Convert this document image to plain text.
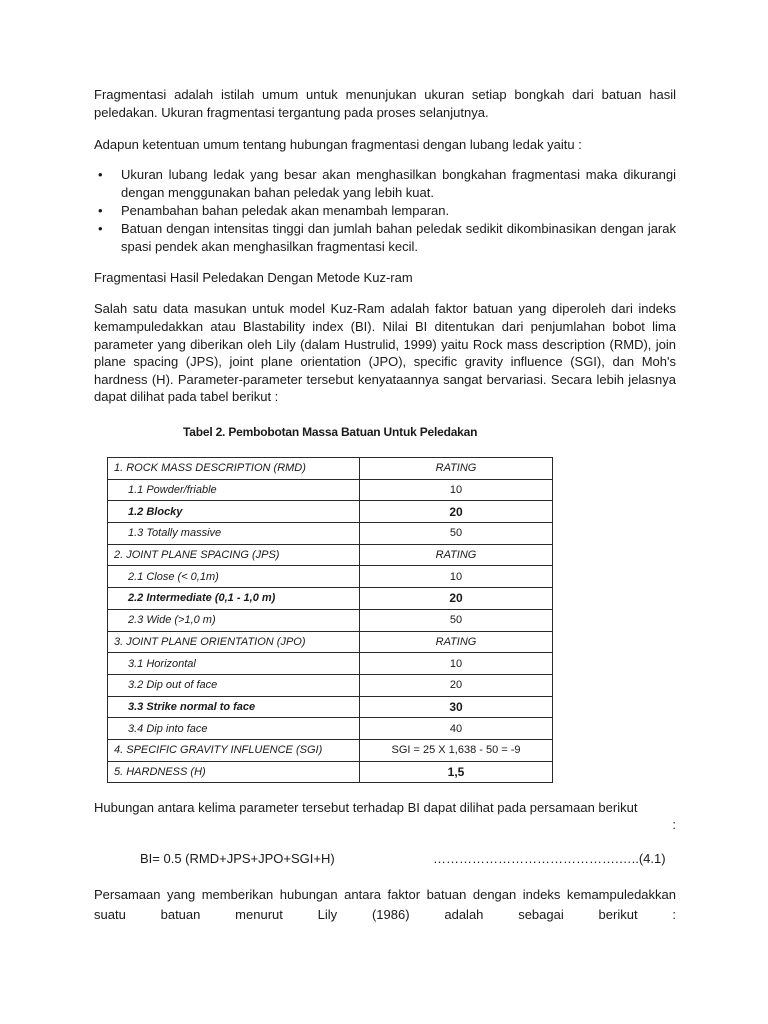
Fragmentasi adalah istilah umum untuk menunjukan ukuran setiap bongkah dari batuan hasil peledakan. Ukuran fragmentasi tergantung pada proses selanjutnya.

Adapun ketentuan umum tentang hubungan fragmentasi dengan lubang ledak yaitu :

• Ukuran lubang ledak yang besar akan menghasilkan bongkahan fragmentasi maka dikurangi dengan menggunakan bahan peledak yang lebih kuat.
• Penambahan bahan peledak akan menambah lemparan.
• Batuan dengan intensitas tinggi dan jumlah bahan peledak sedikit dikombinasikan dengan jarak spasi pendek akan menghasilkan fragmentasi kecil.

Fragmentasi Hasil Peledakan Dengan Metode Kuz-ram

Salah satu data masukan untuk model Kuz-Ram adalah faktor batuan yang diperoleh dari indeks kemampuledakkan atau Blastability index (BI). Nilai BI ditentukan dari penjumlahan bobot lima parameter yang diberikan oleh Lily (dalam Hustrulid, 1999) yaitu Rock mass description (RMD), join plane spacing (JPS), joint plane orientation (JPO), specific gravity influence (SGI), dan Moh's hardness (H). Parameter-parameter tersebut kenyataannya sangat bervariasi. Secara lebih jelasnya dapat dilihat pada tabel berikut :

Tabel 2. Pembobotan Massa Batuan Untuk Peledakan
1. ROCK MASS DESCRIPTION (RMD)	RATING
1.1 Powder/friable	10
1.2 Blocky	20
1.3 Totally massive	50
2. JOINT PLANE SPACING (JPS)	RATING
2.1 Close (< 0,1m)	10
2.2 Intermediate (0,1 - 1,0 m)	20
2.3 Wide (>1,0 m)	50
3. JOINT PLANE ORIENTATION (JPO)	RATING
3.1 Horizontal	10
3.2 Dip out of face	20
3.3 Strike normal to face	30
3.4 Dip into face	40
4. SPECIFIC GRAVITY INFLUENCE (SGI)	SGI = 25 X 1,638 - 50 = -9
5. HARDNESS (H)	1,5

Hubungan antara kelima parameter tersebut terhadap BI dapat dilihat pada persamaan berikut

:

BI= 0.5 (RMD+JPS+JPO+SGI+H)	…………………………………….…..(4.1)

Persamaan yang memberikan hubungan antara faktor batuan dengan indeks kemampuledakkan suatu batuan menurut Lily (1986) adalah sebagai berikut :
